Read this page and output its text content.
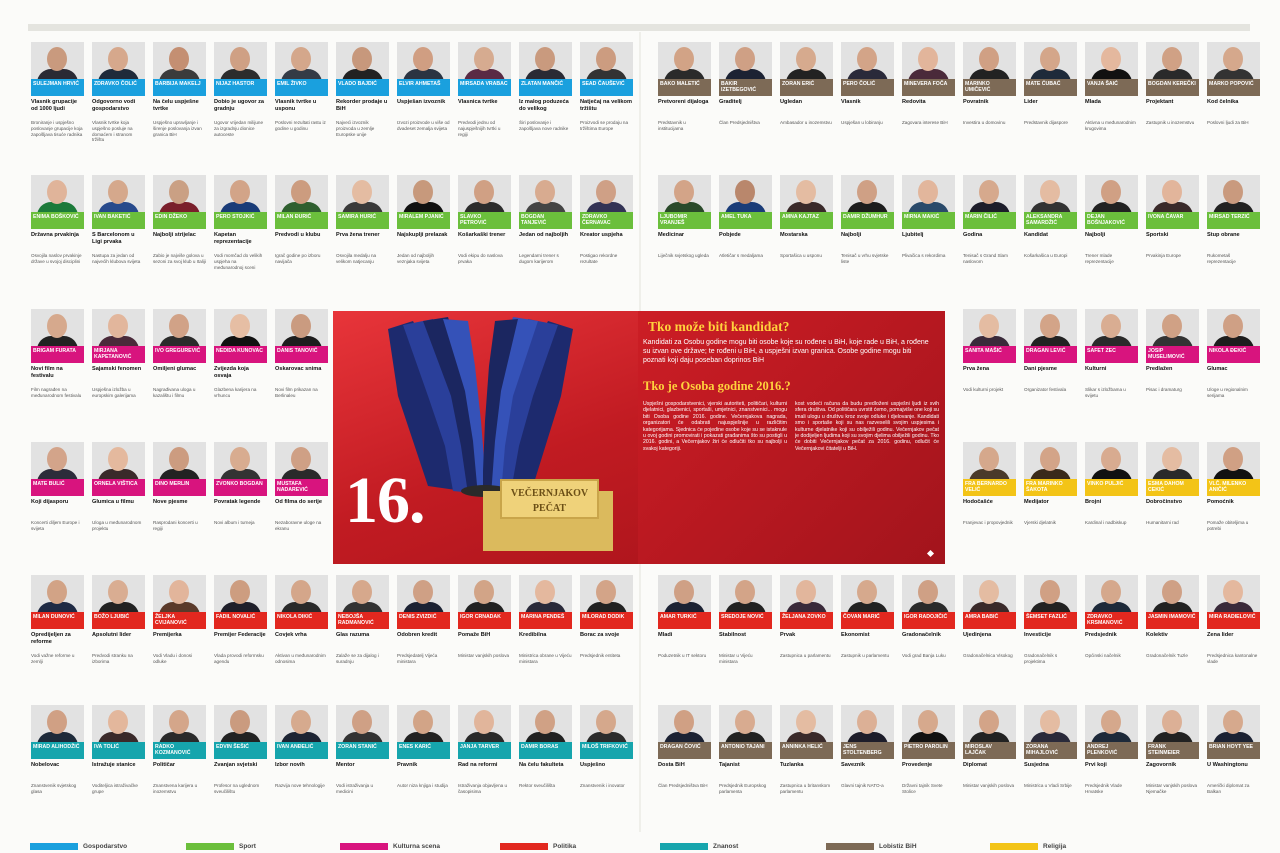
SULEJMAN HRVIĆ
Vlasnik grupacije od 1000 ljudi
Broniranje i uspješno poslovanje grupacije koja zapošljava tisuće radnika
ZDRAVKO ČOLIĆ
Odgovorno vodi gospodarstvo
Vlasnik tvrtke koja uspješno posluje na domaćem i stranom tržištu
BARBIJA MAKELJ
Na čelu uspješne tvrtke
Uspješno upravljanje i širenje poslovanja izvan granica BiH
NIJAZ HASTOR
Dobio je ugovor za gradnju
Ugovor vrijedan milijune za izgradnju dionice autoceste
EMIL ŽIVKO
Vlasnik tvrtke u usponu
Poslovni rezultati rastu iz godine u godinu
VLADO BAJDIĆ
Rekorder prodaje u BiH
Najveći izvoznik proizvoda u zemlje Europske unije
ELVIR AHMETAŠ
Uspješan izvoznik
Izvozi proizvode u više od dvadeset zemalja svijeta
MIRSADA VRABAC
Vlasnica tvrtke
Predvodi jednu od najuspješnijih tvrtki u regiji
ZLATAN MANČIĆ
Iz malog poduzeća do velikog
Širi poslovanje i zapošljava nove radnike
SEAD ČAUŠEVIĆ
Natječaj na velikom tržištu
Proizvodi se prodaju na tržištima Europe
ENIMA BOŠKOVIĆ
Državna prvakinja
Osvojila naslov prvakinje države u svojoj disciplini
IVAN BAKETIĆ
S Barcelonom u Ligi prvaka
Nastupa za jedan od najvećih klubova svijeta
EDIN DŽEKO
Najbolji strijelac
Zabio je najviše golova u sezoni za svoj klub u Italiji
PERO STOJKIĆ
Kapetan reprezentacije
Vodi momčad do velikih uspjeha na međunarodnoj sceni
MILAN ĐURIĆ
Predvodi u klubu
Igrač godine po izboru navijača
SAMIRA HURIĆ
Prva žena trener
Osvojila medalju na velikom natjecanju
MIRALEM PJANIĆ
Najskuplji prelazak
Jedan od najboljih veznjaka svijeta
SLAVKO PETROVIĆ
Košarkaški trener
Vodi ekipu do naslova prvaka
BOGDAN TANJEVIĆ
Jedan od najboljih
Legendarni trener s dugom karijerom
ZDRAVKO ČERNAVAC
Kreator uspjeha
Postigao rekordne rezultate
BRIGAM FURATA
Novi film na festivalu
Film nagrađen na međunarodnom festivalu
MIRJANA KAPETANOVIĆ
Sajamski fenomen
Uspješna izložba u europskim galerijama
IVO GREGUREVIĆ
Omiljeni glumac
Nagrađivana uloga u kazalištu i filmu
NEDIDA KUNOVAC
Zvijezda koja osvaja
Glazbena karijera na vrhuncu
DANIS TANOVIĆ
Oskarovac snima
Novi film prikazan na Berlinaleu
MATE BULIĆ
Koji dijasporu
Koncerti diljem Europe i svijeta
ORNELA VIŠTICA
Glumica u filmu
Uloga u međunarodnom projektu
DINO MERLIN
Nove pjesme
Rasprodani koncerti u regiji
ZVONKO BOGDAN
Povratak legende
Novi album i turneja
MUSTAFA NADAREVIĆ
Od filma do serije
Nezaboravne uloge na ekranu
MILAN DUNOVIĆ
Opredijeljen za reforme
Vodi važne reforme u zemlji
BOŽO LJUBIĆ
Apsolutni lider
Predvodi stranku na izborima
ŽELJKA CVIJANOVIĆ
Premijerka
Vodi Vladu i donosi odluke
FADIL NOVALIĆ
Premijer Federacije
Vlada provodi reformsku agendu
NIKOLA DIKIĆ
Čovjek vrha
Aktivan u međunarodnim odnosima
NEBOJŠA RADMANOVIĆ
Glas razuma
Zalaže se za dijalog i suradnju
DENIS ZVIZDIĆ
Odobren kredit
Predsjedatelj Vijeća ministara
IGOR CRNADAK
Pomaže BiH
Ministar vanjskih poslova
MARINA PENDEŠ
Kredibilna
Ministrica obrane u Vijeću ministara
MILORAD DODIK
Borac za svoje
Predsjednik entiteta
MIRAD ALIHODŽIĆ
Nobelovac
Znanstvenik svjetskog glasa
IVA TOLIĆ
Istražuje stanice
Voditeljica istraživačke grupe
RADKO KOZMANOVIĆ
Političar
Znanstvena karijera u inozemstvu
EDVIN ŠEŠIĆ
Zvanjan svjetski
Profesor na uglednom sveučilištu
IVAN ANĐELIĆ
Izbor novih
Razvija nove tehnologije
ZORAN STANIĆ
Mentor
Vodi istraživanja u medicini
ENES KARIĆ
Pravnik
Autor niza knjiga i studija
JANJA TARVER
Rad na reformi
Istraživanja objavljena u časopisima
DAMIR BORAS
Na čelu fakulteta
Rektor sveučilišta
MILOŠ TRIFKOVIĆ
Uspješno
Znanstvenik i inovator
BAKO MALETIĆ
Pretvoreni dijaloga
Predstavnik u institucijama
BAKIR IZETBEGOVIĆ
Graditelj
Član Predsjedništva
ZORAN ERIĆ
Ugledan
Ambasador u inozemstvu
PERO ČOLIĆ
Vlasnik
Uspješan u lobiranju
MINEVERA FOČA
Redovita
Zagovara interese BiH
MARINKO UMIČEVIĆ
Povratnik
Investira u domovinu
MATE ĆUBAĆ
Lider
Predstavnik dijaspore
VANJA ŠAIĆ
Mlada
Aktivna u međunarodnim krugovima
BOGDAN KEREČKI
Projektant
Zastupnik u inozemstvu
MARKO POPOVIĆ
Kod čelnika
Poslovni ljudi za BiH
LJUBOMIR VRANJEŠ
Medicinar
Liječnik svjetskog ugleda
AMEL TUKA
Pobjede
Atletičar s medaljama
AMNA KAJTAZ
Mostarska
Sportašica u usponu
DAMIR DŽUMHUR
Najbolji
Tenisač u vrhu svjetske liste
MIRNA MAKIĆ
Ljubitelj
Plivačica s rekordima
MARIN ČILIĆ
Godina
Tenisač s Grand Slam naslovom
ALEKSANDRA SAMARDŽIĆ
Kandidat
Košarkašica u Europi
DEJAN BOŠNJAKOVIĆ
Najbolji
Trener mlade reprezentacije
IVONA ČAVAR
Sportski
Prvakinja Europe
MIRSAD TERZIĆ
Stup obrane
Rukometaš reprezentacije
SANITA MAŠIĆ
Prva žena
Vodi kulturni projekt
DRAGAN LEVIĆ
Dani pjesme
Organizator festivala
SAFET ZEC
Kulturni
Slikar s izložbama u svijetu
JOSIP MUSELIMOVIĆ
Predlažen
Pisac i dramaturg
NIKOLA ĐEKIĆ
Glumac
Uloge u regionalnim serijama
FRA BERNARDO VELIĆ
Hodočašće
Franjevac i propovjednik
FRA MARINKO ŠAKOTA
Medijator
Vjerski djelatnik
VINKO PULJIĆ
Brojni
Kardinal i nadbiskup
ESMA DAHOM CEKIĆ
Dobročinstvo
Humanitarni rad
VLČ. MILENKO ANIČIĆ
Pomoćnik
Pomaže obiteljima u potrebi
AMAR TURKIĆ
Mladi
Poduzetnik u IT sektoru
SREDOJE NOVIĆ
Stabilnost
Ministar u Vijeću ministara
ŽELJANA ZOVKO
Prvak
Zastupnica u parlamentu
ČOVAN MARIĆ
Ekonomist
Zastupnik u parlamentu
IGOR RADOJIČIĆ
Gradonačelnik
Vodi grad Banja Luku
AMRA BABIĆ
Ujedinjena
Gradonačelnica Visokog
ŠEMSET FAZLIĆ
Investicije
Gradonačelnik s projektima
ZDRAVKO KRSMANOVIĆ
Predsjednik
Općinski načelnik
JASMIN IMAMOVIĆ
Kolektiv
Gradonačelnik Tuzle
MIRA RADIELOVIĆ
Žena lider
Predsjednica kantonalne vlade
DRAGAN ČOVIĆ
Dosta BiH
Član Predsjedništva BiH
ANTONIO TAJANI
Tajanist
Predsjednik Europskog parlamenta
ANNINKA HELIĆ
Tuzlanka
Zastupnica u britanskom parlamentu
JENS STOLTENBERG
Saveznik
Glavni tajnik NATO-a
PIETRO PAROLIN
Provedenje
Državni tajnik Svete Stolice
MIROSLAV LAJČAK
Diplomat
Ministar vanjskih poslova
ZORANA MIHAJLOVIĆ
Susjedna
Ministrica u Vladi Srbije
ANDREJ PLENKOVIĆ
Prvi koji
Predsjednik Vlade Hrvatske
FRANK STEINMEIER
Zagovornik
Ministar vanjskih poslova Njemačke
BRIAN HOYT YEE
U Washingtonu
Američki diplomat za Balkan
16.	VEČERNJAKOV
PEČAT
Tko može biti kandidat?

Kandidati za Osobu godine mogu biti osobe koje su rođene u BiH, koje rade u BiH, a rođene su izvan ove države; te rođeni u BiH, a uspješni izvan granica. Osobe godine mogu biti poznati koji daju poseban doprinos BiH

Tko je Osoba godine 2016.?
Uspješni gospodarstvenici, vjerski autoriteti, političari, kulturni djelatnici, glazbenici, sportaši, umjetnici, znanstvenici... mogu biti Osoba godine 2016. godine. Večernjakova nagrada, organizatori će odabrati najuspješnije u različitim kategorijama. Sjednica će pojedine osobe koje su se istaknule u ovoj godini promovirati i pokazati građanima što su postigli u 2016. godini, a Večernjakov žiri će odlučiti tko su najbolji u svakoj kategoriji.
kost vodeći računa da budu predloženi uspješni ljudi iz svih sfera društva. Od političara uvrstit ćemo, pomajviše one koji su imali ulogu u društvu kroz svoje odluke i djelovanje. Kandidati smo i sportaše koji su nas razveselili svojim uspjesima i kulturne djelatnike koji su obilježili godinu. Večernjakov pečat je dodijeljen ljudima koji su svojim djelima obilježili godinu. Tko će dobiti Večernjakov pečat za 2016. godinu, odlučit će Večernjakovi čitatelji u BiH.
Gospodarstvo	Sport	Kulturna scena	Politika	Znanost	Lobistiz BiH	Religija
